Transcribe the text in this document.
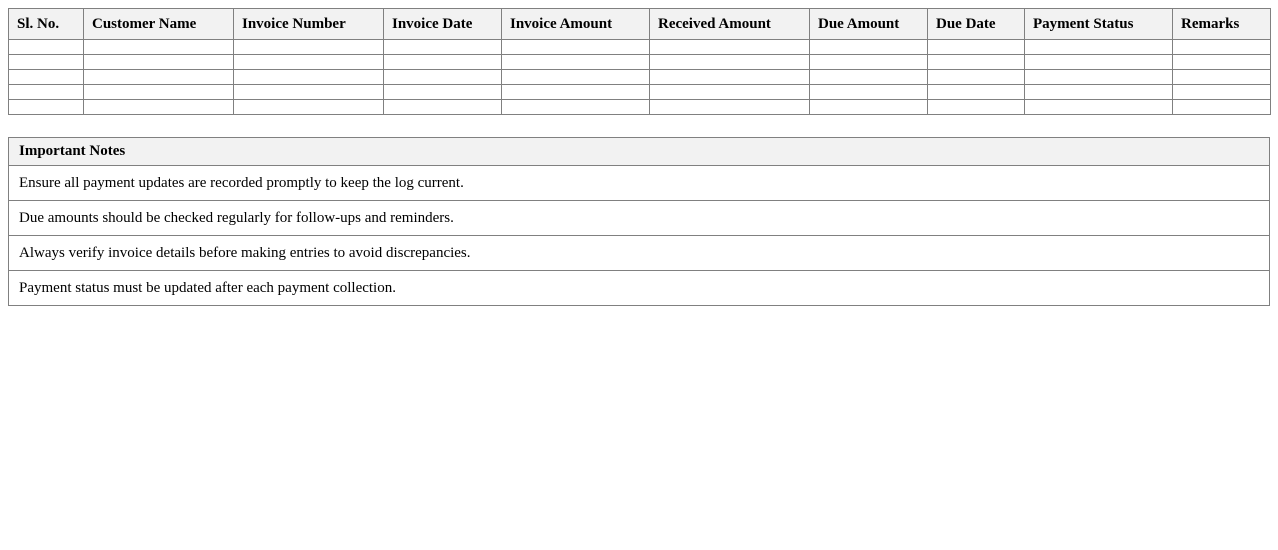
Sl. No.	Customer Name	Invoice Number	Invoice Date	Invoice Amount	Received Amount	Due Amount	Due Date	Payment Status	Remarks

Important Notes
Ensure all payment updates are recorded promptly to keep the log current.
Due amounts should be checked regularly for follow-ups and reminders.
Always verify invoice details before making entries to avoid discrepancies.
Payment status must be updated after each payment collection.
